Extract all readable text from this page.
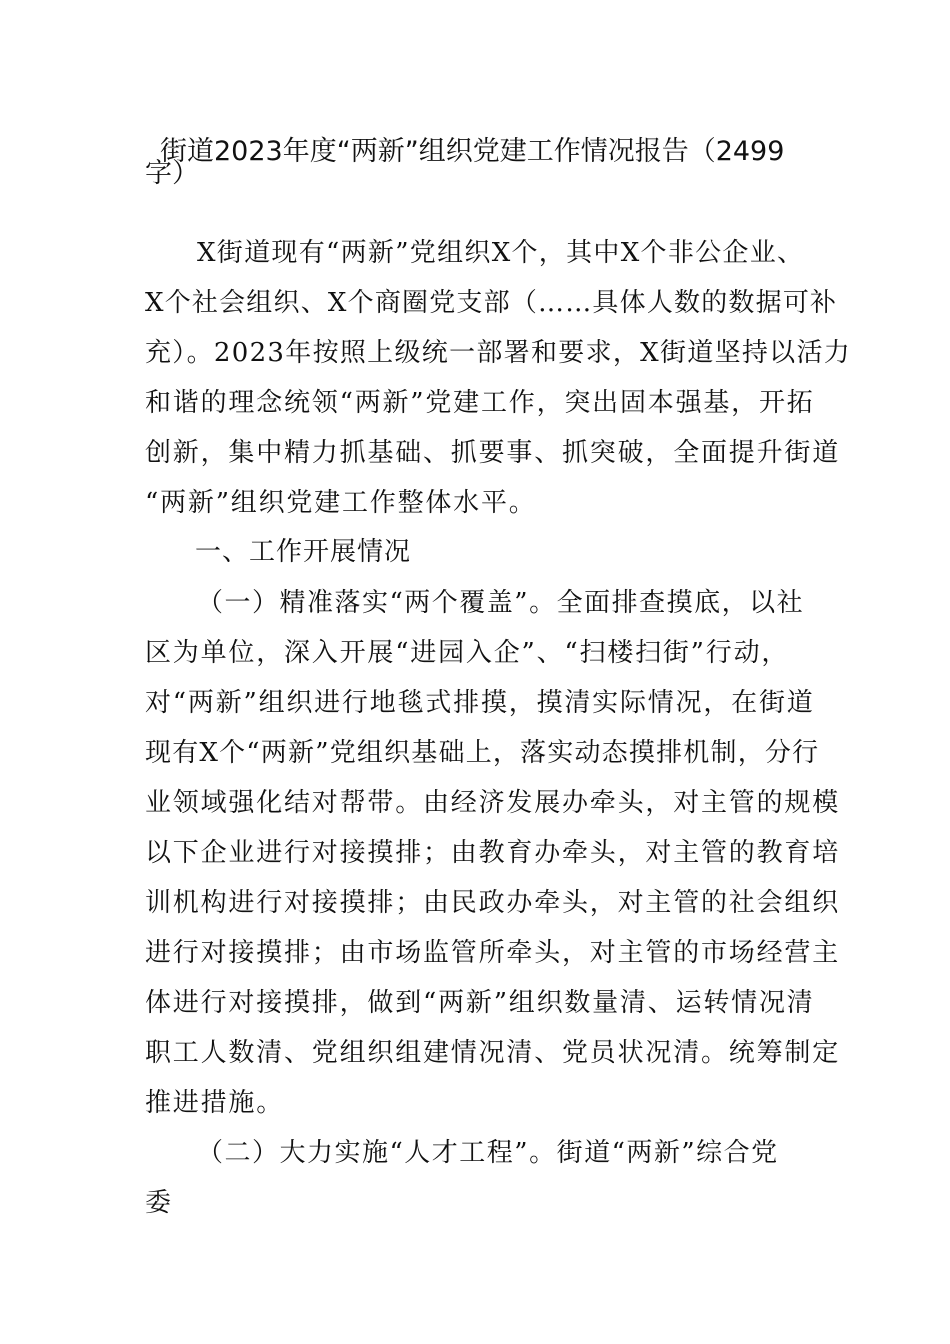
街道2023年度“两新”组织党建工作情况报告（2499
字）
X街道现有“两新”党组织X个，其中X个非公企业、
X个社会组织、X个商圈党支部（……具体人数的数据可补
充）。2023年按照上级统一部署和要求，X街道坚持以活力
和谐的理念统领“两新”党建工作，突出固本强基，开拓
创新，集中精力抓基础、抓要事、抓突破，全面提升街道
“两新”组织党建工作整体水平。
一、工作开展情况
（一）精准落实“两个覆盖”。全面排查摸底，以社
区为单位，深入开展“进园入企”、“扫楼扫街”行动，
对“两新”组织进行地毯式排摸，摸清实际情况，在街道
现有X个“两新”党组织基础上，落实动态摸排机制，分行
业领域强化结对帮带。由经济发展办牵头，对主管的规模
以下企业进行对接摸排；由教育办牵头，对主管的教育培
训机构进行对接摸排；由民政办牵头，对主管的社会组织
进行对接摸排；由市场监管所牵头，对主管的市场经营主
体进行对接摸排，做到“两新”组织数量清、运转情况清
职工人数清、党组织组建情况清、党员状况清。统筹制定
推进措施。
（二）大力实施“人才工程”。街道“两新”综合党
委
